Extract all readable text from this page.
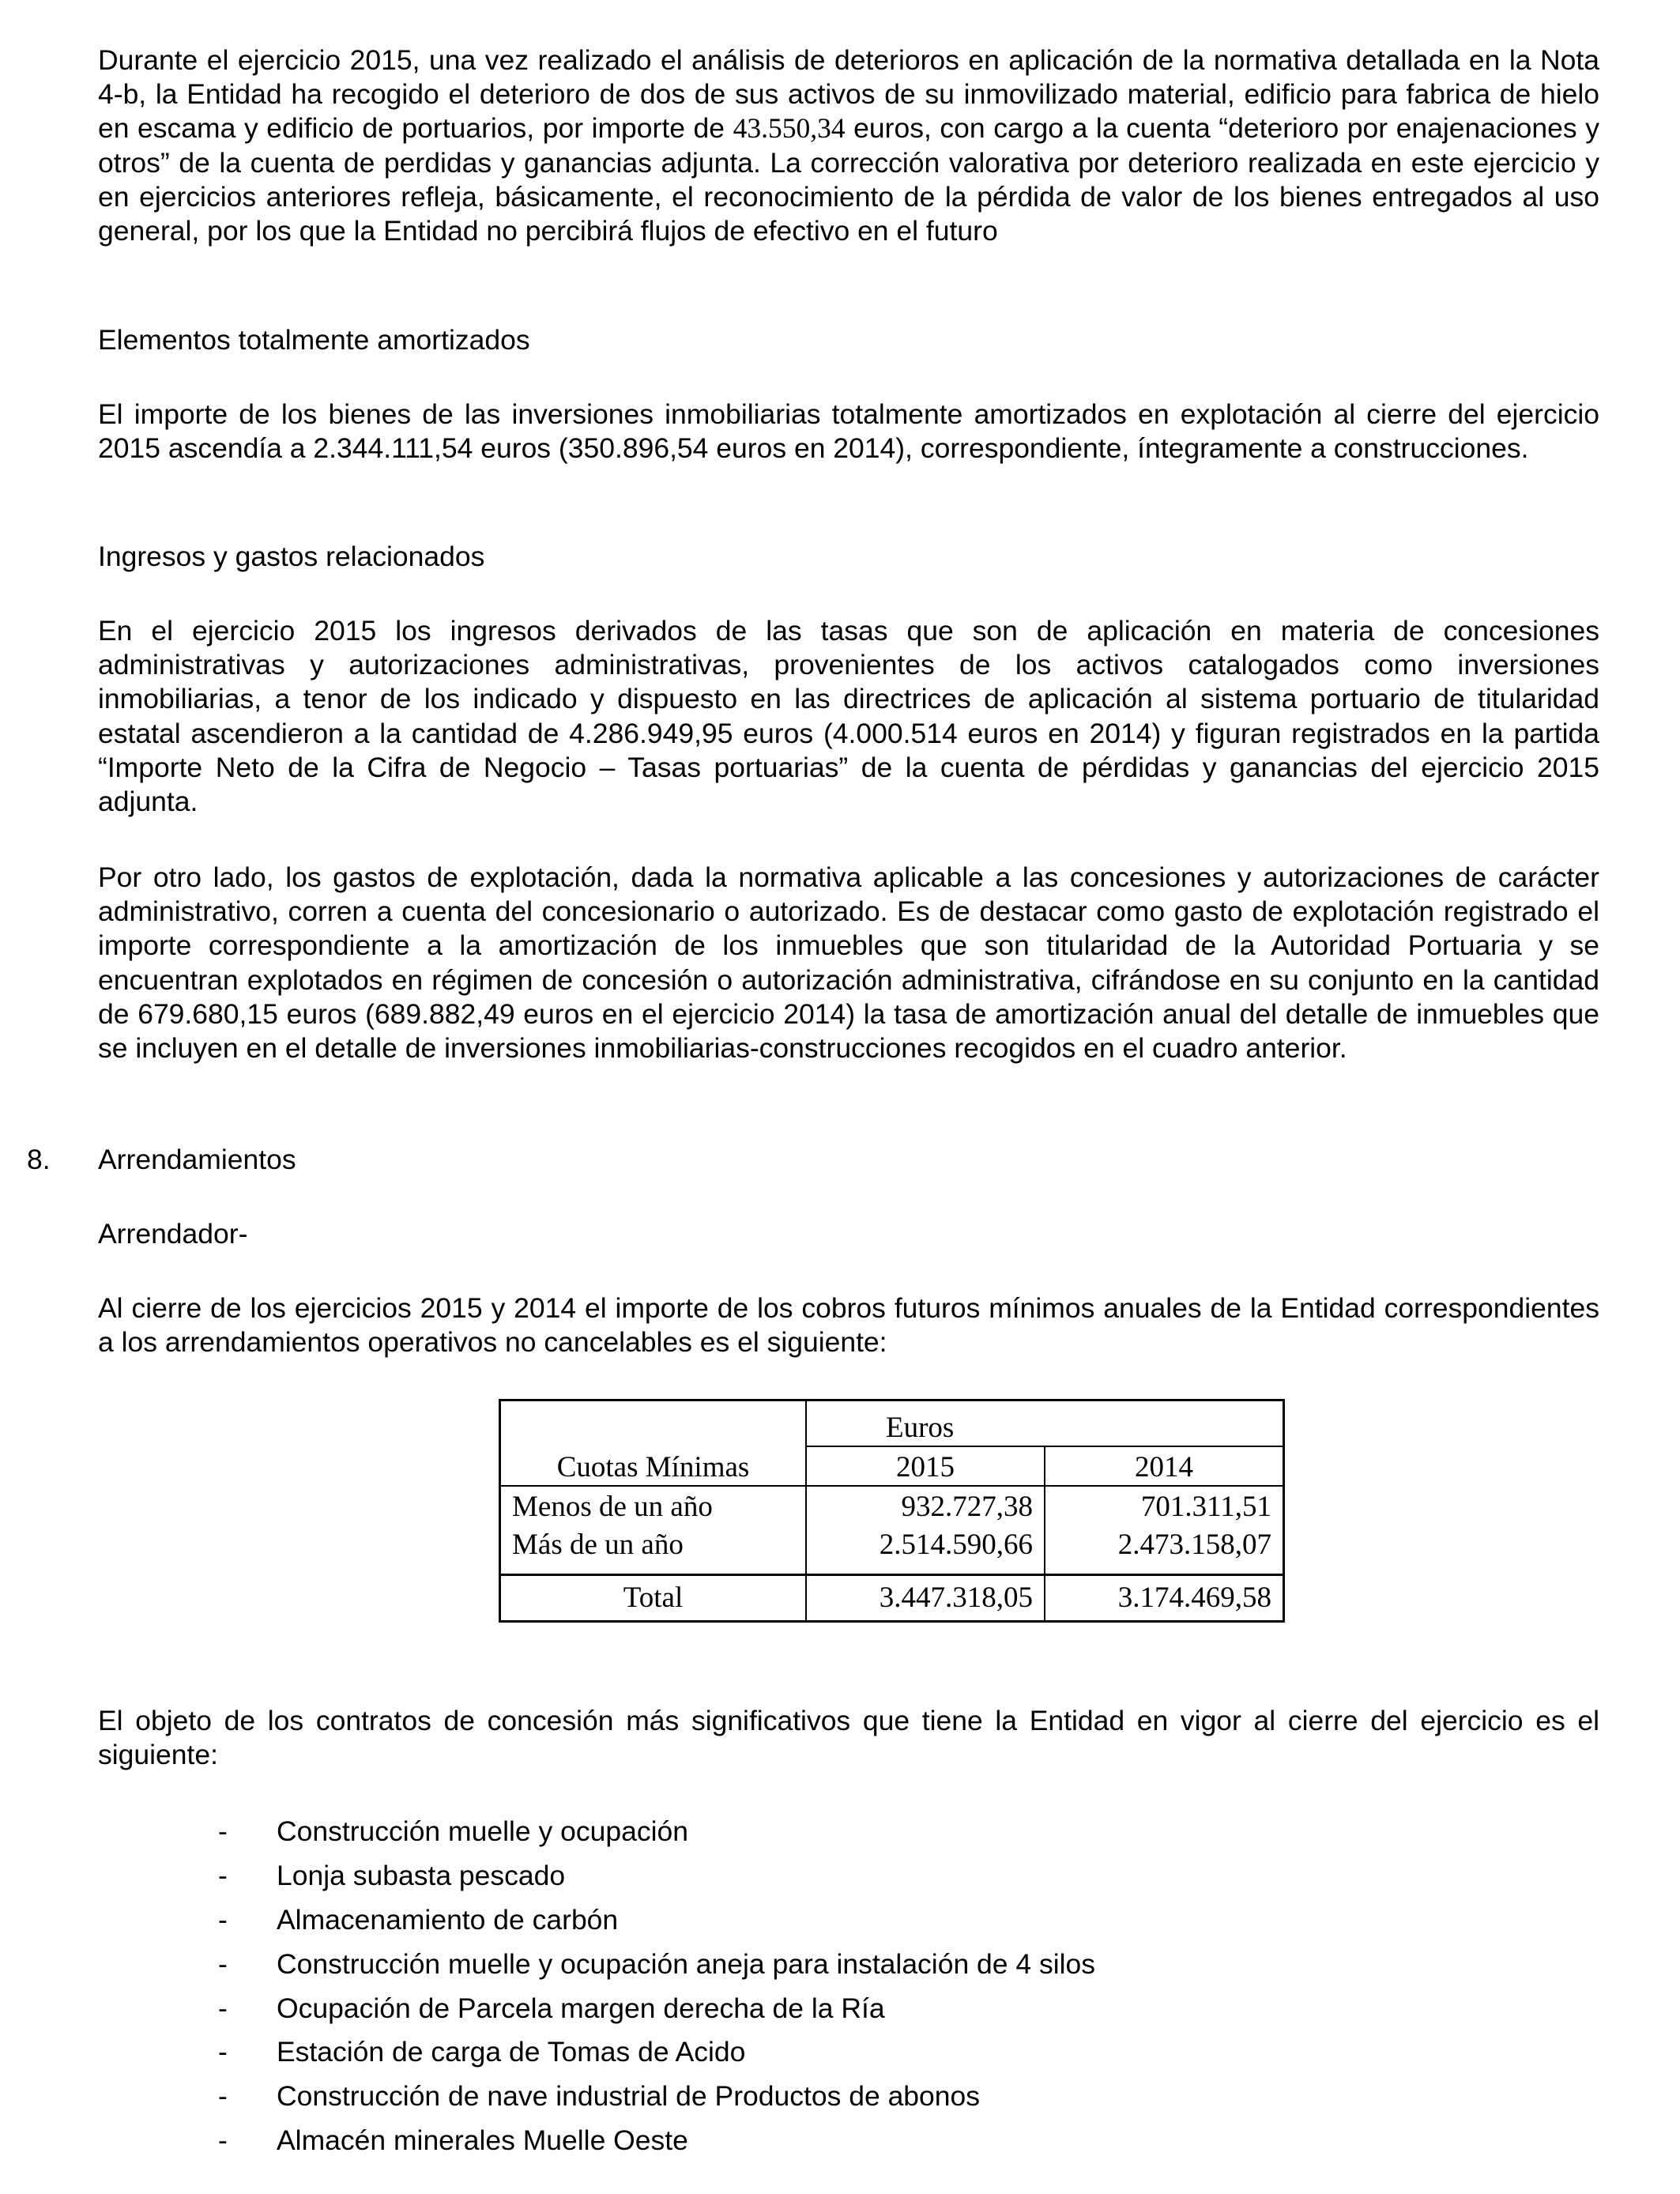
Durante el ejercicio 2015, una vez realizado el análisis de deterioros en aplicación de la normativa detallada en la Nota 4-b, la Entidad ha recogido el deterioro de dos de sus activos de su inmovilizado material, edificio para fabrica de hielo en escama y edificio de portuarios, por importe de 43.550,34 euros, con cargo a la cuenta “deterioro por enajenaciones y otros” de la cuenta de perdidas y ganancias adjunta. La corrección valorativa por deterioro realizada en este ejercicio y en ejercicios anteriores refleja, básicamente, el reconocimiento de la pérdida de valor de los bienes entregados al uso general, por los que la Entidad no percibirá flujos de efectivo en el futuro

Elementos totalmente amortizados

El importe de los bienes de las inversiones inmobiliarias totalmente amortizados en explotación al cierre del ejercicio 2015 ascendía a 2.344.111,54 euros (350.896,54 euros en 2014), correspondiente, íntegramente a construcciones.

Ingresos y gastos relacionados

En el ejercicio 2015 los ingresos derivados de las tasas que son de aplicación en materia de concesiones administrativas y autorizaciones administrativas, provenientes de los activos catalogados como inversiones inmobiliarias, a tenor de los indicado y dispuesto en las directrices de aplicación al sistema portuario de titularidad estatal ascendieron a la cantidad de 4.286.949,95 euros (4.000.514 euros en 2014) y figuran registrados en la partida “Importe Neto de la Cifra de Negocio – Tasas portuarias” de la cuenta de pérdidas y ganancias del ejercicio 2015 adjunta.

Por otro lado, los gastos de explotación, dada la normativa aplicable a las concesiones y autorizaciones de carácter administrativo, corren a cuenta del concesionario o autorizado. Es de destacar como gasto de explotación registrado el importe correspondiente a la amortización de los inmuebles que son titularidad de la Autoridad Portuaria y se encuentran explotados en régimen de concesión o autorización administrativa, cifrándose en su conjunto en la cantidad de 679.680,15 euros (689.882,49 euros en el ejercicio 2014) la tasa de amortización anual del detalle de inmuebles que se incluyen en el detalle de inversiones inmobiliarias-construcciones recogidos en el cuadro anterior.

8. Arrendamientos

Arrendador-

Al cierre de los ejercicios 2015 y 2014 el importe de los cobros futuros mínimos anuales de la Entidad correspondientes a los arrendamientos operativos no cancelables es el siguiente:

Cuotas Mínimas	Euros	
	2015	2014
Menos de un año	932.727,38	701.311,51
Más de un año	2.514.590,66	2.473.158,07

Total	3.447.318,05	3.174.469,58

El objeto de los contratos de concesión más significativos que tiene la Entidad en vigor al cierre del ejercicio es el siguiente:

- Construcción muelle y ocupación
- Lonja subasta pescado
- Almacenamiento de carbón
- Construcción muelle y ocupación aneja para instalación de 4 silos
- Ocupación de Parcela margen derecha de la Ría
- Estación de carga de Tomas de Acido
- Construcción de nave industrial de Productos de abonos
- Almacén minerales Muelle Oeste
